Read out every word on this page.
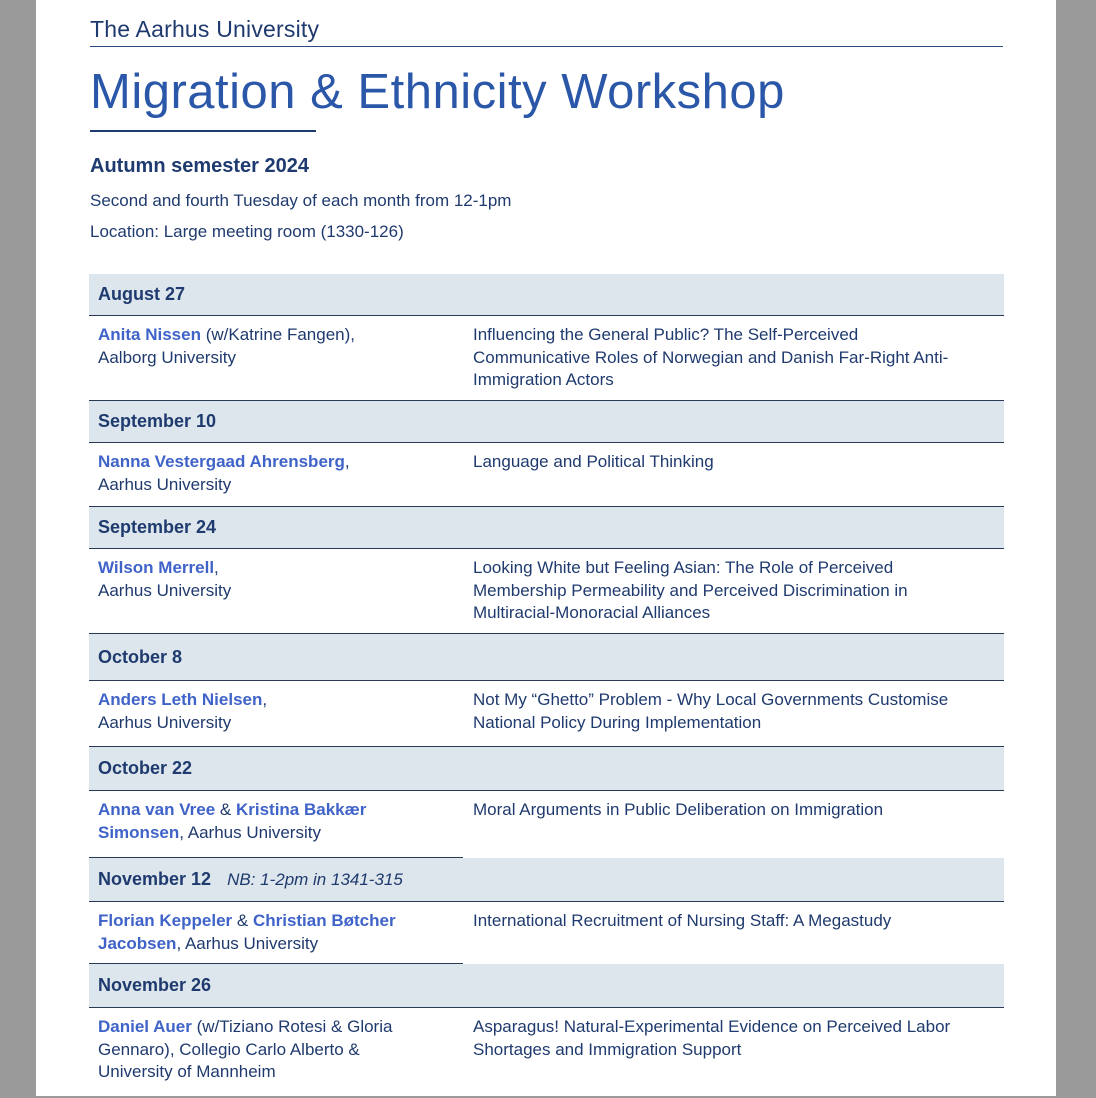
The Aarhus University
Migration & Ethnicity Workshop
Autumn semester 2024
Second and fourth Tuesday of each month from 12-1pm
Location: Large meeting room (1330-126)
August 27
Anita Nissen (w/Katrine Fangen),
Aalborg University
Influencing the General Public? The Self-Perceived Communicative Roles of Norwegian and Danish Far-Right Anti-Immigration Actors
September 10
Nanna Vestergaad Ahrensberg,
Aarhus University
Language and Political Thinking
September 24
Wilson Merrell,
Aarhus University
Looking White but Feeling Asian: The Role of Perceived Membership Permeability and Perceived Discrimination in Multiracial-Monoracial Alliances
October 8
Anders Leth Nielsen,
Aarhus University
Not My “Ghetto” Problem - Why Local Governments Customise National Policy During Implementation
October 22
Anna van Vree & Kristina Bakkær Simonsen, Aarhus University
Moral Arguments in Public Deliberation on Immigration
November 12 NB: 1-2pm in 1341-315
Florian Keppeler & Christian Bøtcher Jacobsen, Aarhus University
International Recruitment of Nursing Staff: A Megastudy
November 26
Daniel Auer (w/Tiziano Rotesi & Gloria Gennaro), Collegio Carlo Alberto & University of Mannheim
Asparagus! Natural-Experimental Evidence on Perceived Labor Shortages and Immigration Support
